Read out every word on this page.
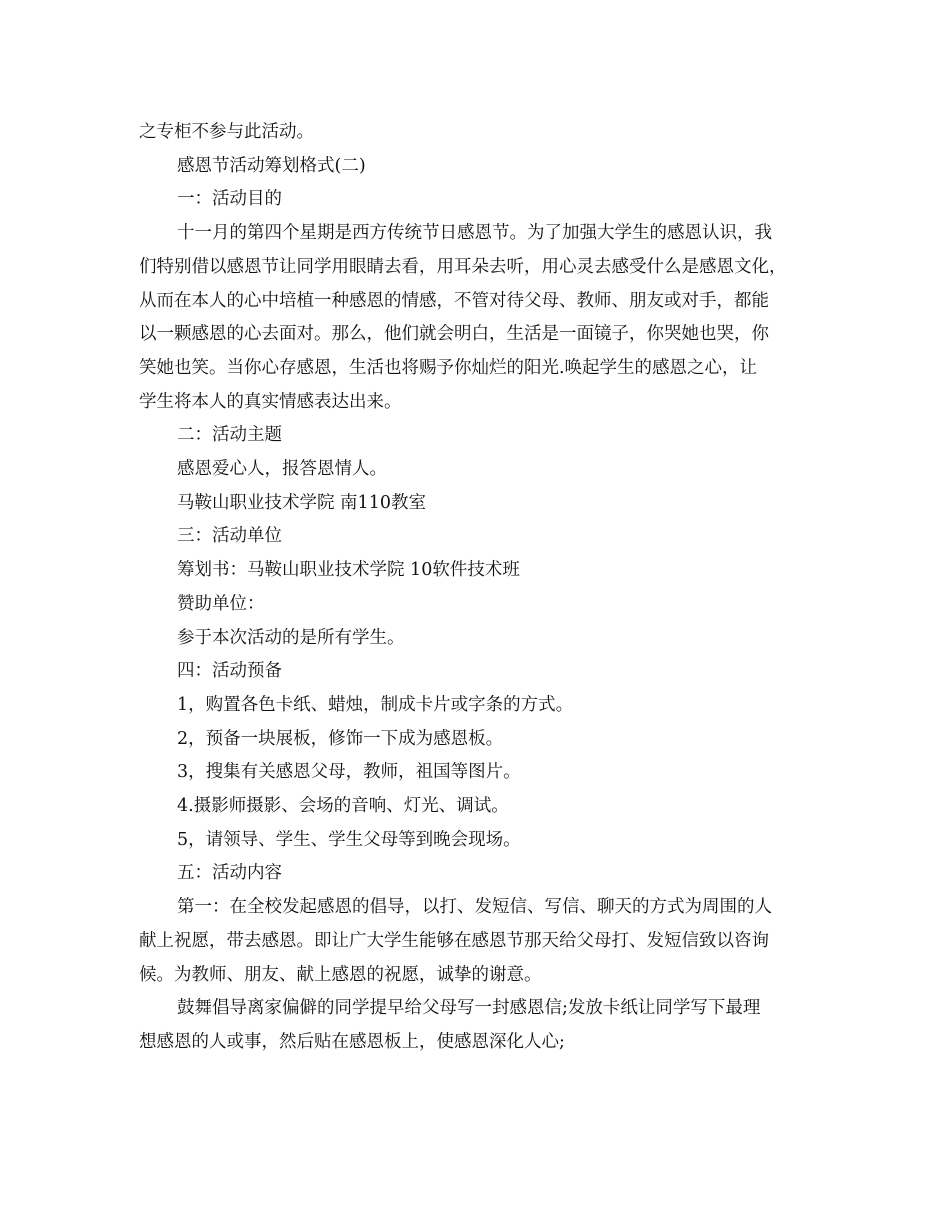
之专柜不参与此活动。
感恩节活动筹划格式(二)
一：活动目的
十一月的第四个星期是西方传统节日感恩节。为了加强大学生的感恩认识，我
们特别借以感恩节让同学用眼睛去看，用耳朵去听，用心灵去感受什么是感恩文化，
从而在本人的心中培植一种感恩的情感，不管对待父母、教师、朋友或对手，都能
以一颗感恩的心去面对。那么，他们就会明白，生活是一面镜子，你哭她也哭，你
笑她也笑。当你心存感恩，生活也将赐予你灿烂的阳光.唤起学生的感恩之心，让
学生将本人的真实情感表达出来。
二：活动主题
感恩爱心人，报答恩情人。
马鞍山职业技术学院 南110教室
三：活动单位
筹划书：马鞍山职业技术学院 10软件技术班
赞助单位：
参于本次活动的是所有学生。
四：活动预备
1，购置各色卡纸、蜡烛，制成卡片或字条的方式。
2，预备一块展板，修饰一下成为感恩板。
3，搜集有关感恩父母，教师，祖国等图片。
4.摄影师摄影、会场的音响、灯光、调试。
5，请领导、学生、学生父母等到晚会现场。
五：活动内容
第一：在全校发起感恩的倡导，以打、发短信、写信、聊天的方式为周围的人
献上祝愿，带去感恩。即让广大学生能够在感恩节那天给父母打、发短信致以咨询
候。为教师、朋友、献上感恩的祝愿，诚挚的谢意。
鼓舞倡导离家偏僻的同学提早给父母写一封感恩信;发放卡纸让同学写下最理
想感恩的人或事，然后贴在感恩板上，使感恩深化人心;
